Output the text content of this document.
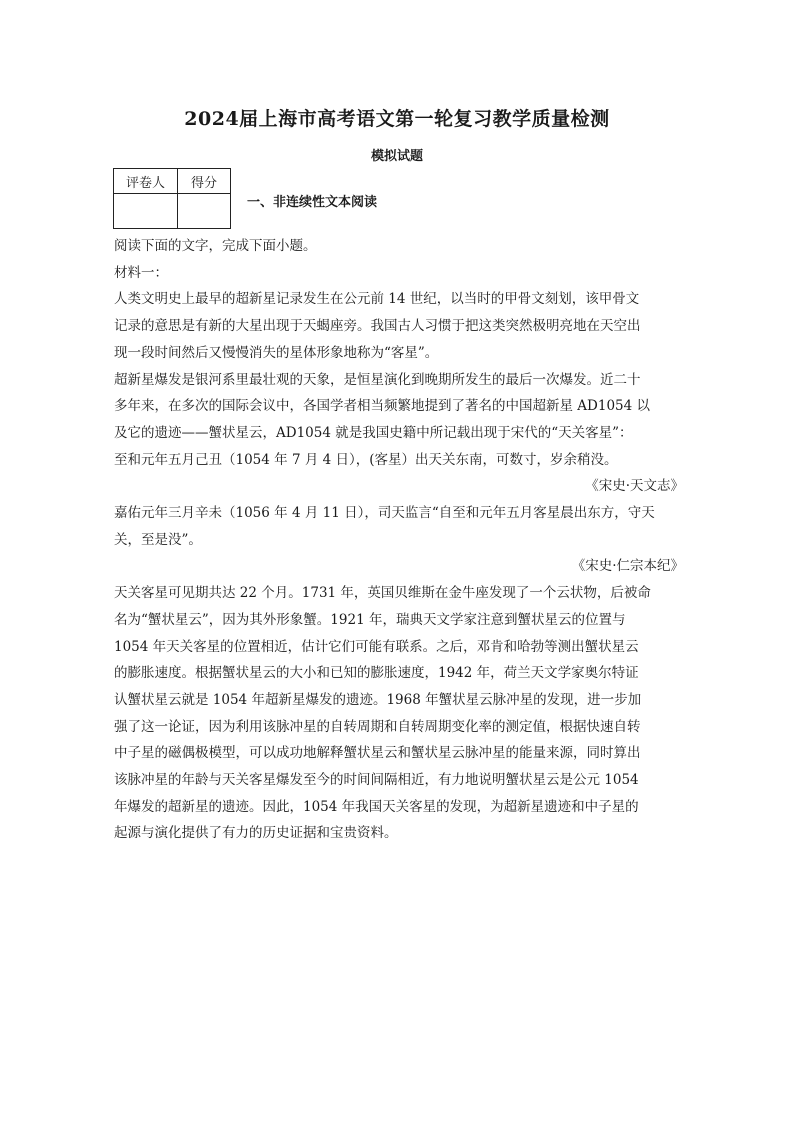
2024届上海市高考语文第一轮复习教学质量检测
模拟试题
评卷人	得分

一、非连续性文本阅读

阅读下面的文字，完成下面小题。

材料一：

人类文明史上最早的超新星记录发生在公元前 14 世纪，以当时的甲骨文刻划，该甲骨文

记录的意思是有新的大星出现于天蝎座旁。我国古人习惯于把这类突然极明亮地在天空出

现一段时间然后又慢慢消失的星体形象地称为“客星”。

超新星爆发是银河系里最壮观的天象，是恒星演化到晚期所发生的最后一次爆发。近二十

多年来，在多次的国际会议中，各国学者相当频繁地提到了著名的中国超新星 AD1054 以

及它的遗迹——蟹状星云，AD1054 就是我国史籍中所记载出现于宋代的“天关客星”：

至和元年五月己丑（1054 年 7 月 4 日），(客星）出天关东南，可数寸，岁余稍没。

《宋史·天文志》

嘉佑元年三月辛未（1056 年 4 月 11 日），司天监言“自至和元年五月客星晨出东方，守天

关，至是没”。

《宋史·仁宗本纪》

天关客星可见期共达 22 个月。1731 年，英国贝维斯在金牛座发现了一个云状物，后被命

名为“蟹状星云”，因为其外形象蟹。1921 年，瑞典天文学家注意到蟹状星云的位置与

1054 年天关客星的位置相近，估计它们可能有联系。之后，邓肯和哈勃等测出蟹状星云

的膨胀速度。根据蟹状星云的大小和已知的膨胀速度，1942 年，荷兰天文学家奥尔特证

认蟹状星云就是 1054 年超新星爆发的遗迹。1968 年蟹状星云脉冲星的发现，进一步加

强了这一论证，因为利用该脉冲星的自转周期和自转周期变化率的测定值，根据快速自转

中子星的磁偶极模型，可以成功地解释蟹状星云和蟹状星云脉冲星的能量来源，同时算出

该脉冲星的年龄与天关客星爆发至今的时间间隔相近，有力地说明蟹状星云是公元 1054

年爆发的超新星的遗迹。因此，1054 年我国天关客星的发现，为超新星遗迹和中子星的

起源与演化提供了有力的历史证据和宝贵资料。
